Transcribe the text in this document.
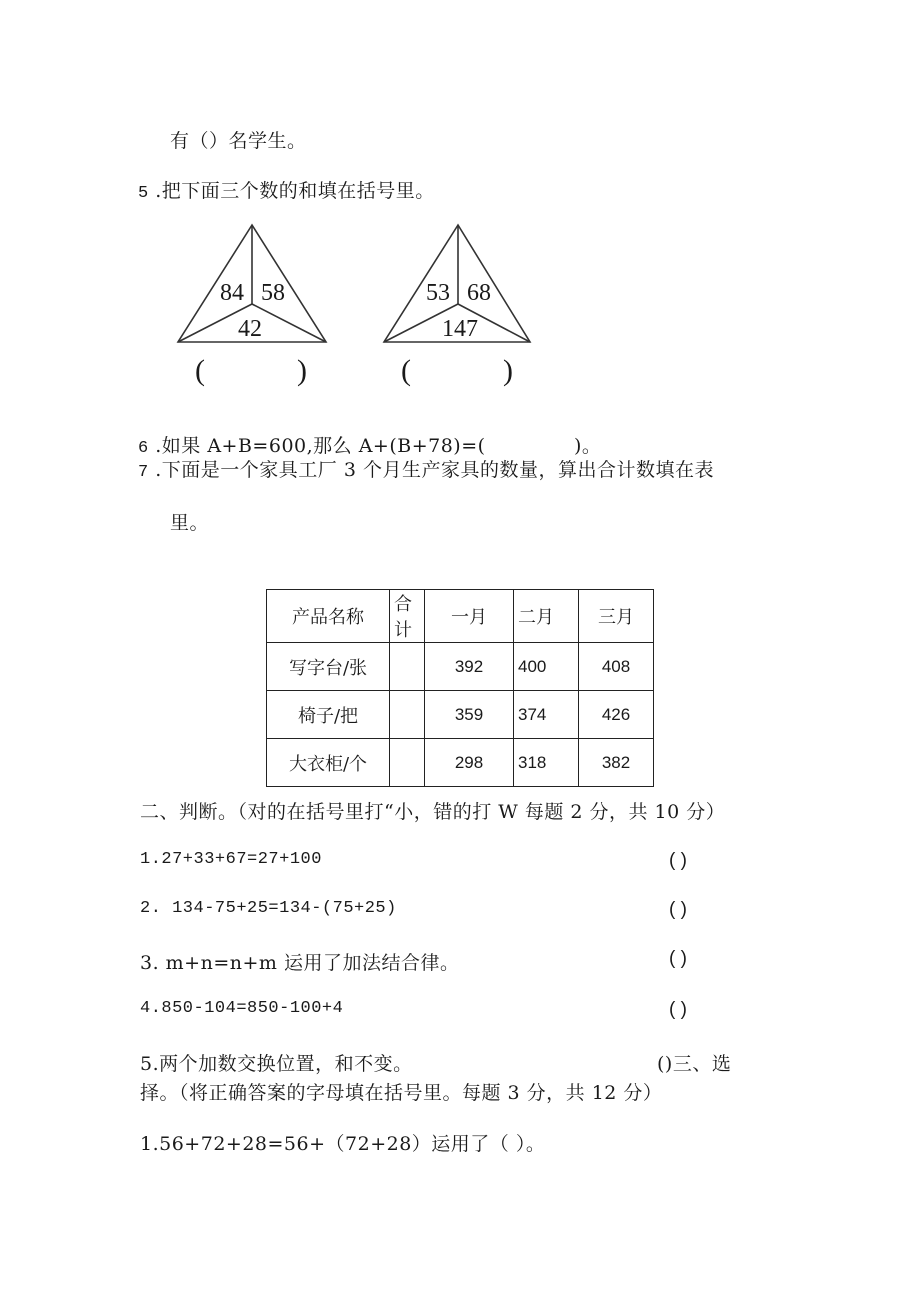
有（）名学生。
5 .把下面三个数的和填在括号里。
84 58
42
(	)
53 68
147
(	)
6 .如果 A+B=600,那么 A+(B+78)=(	)。
7 .下面是一个家具工厂 3 个月生产家具的数量，算出合计数填在表
里。
产品名称	合计	一月	二月	三月
写字台/张		392	400	408
椅子/把		359	374	426
大衣柜/个		298	318	382
二、判断。（对的在括号里打“小，错的打 W 每题 2 分，共 10 分）
1.27+33+67=27+100	( )
2. 134-75+25=134-(75+25)	( )
3. m+n=n+m 运用了加法结合律。	( )
4.850-104=850-100+4	( )
5.两个加数交换位置，和不变。	()三、选
择。（将正确答案的字母填在括号里。每题 3 分，共 12 分）
1.56+72+28=56+（72+28）运用了（ ）。
